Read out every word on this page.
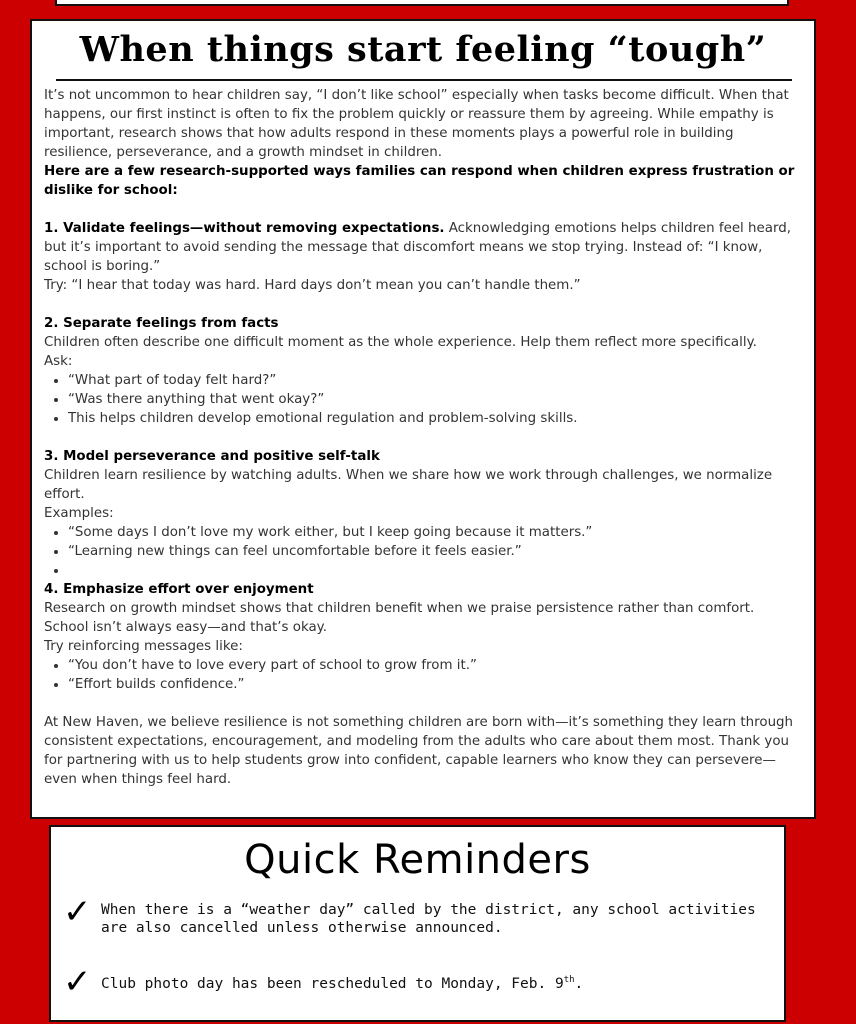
When things start feeling “tough”

It’s not uncommon to hear children say, “I don’t like school” especially when tasks become difficult. When that happens, our first instinct is often to fix the problem quickly or reassure them by agreeing. While empathy is important, research shows that how adults respond in these moments plays a powerful role in building resilience, perseverance, and a growth mindset in children.

Here are a few research-supported ways families can respond when children express frustration or dislike for school:

1. Validate feelings—without removing expectations. Acknowledging emotions helps children feel heard, but it’s important to avoid sending the message that discomfort means we stop trying. Instead of: “I know, school is boring.”

Try: “I hear that today was hard. Hard days don’t mean you can’t handle them.”

2. Separate feelings from facts

Children often describe one difficult moment as the whole experience. Help them reflect more specifically.

Ask:

• “What part of today felt hard?”
• “Was there anything that went okay?”
• This helps children develop emotional regulation and problem-solving skills.

3. Model perseverance and positive self-talk

Children learn resilience by watching adults. When we share how we work through challenges, we normalize effort.

Examples:

• “Some days I don’t love my work either, but I keep going because it matters.”
• “Learning new things can feel uncomfortable before it feels easier.”
•

4. Emphasize effort over enjoyment

Research on growth mindset shows that children benefit when we praise persistence rather than comfort. School isn’t always easy—and that’s okay.

Try reinforcing messages like:

• “You don’t have to love every part of school to grow from it.”
• “Effort builds confidence.”

At New Haven, we believe resilience is not something children are born with—it’s something they learn through consistent expectations, encouragement, and modeling from the adults who care about them most. Thank you for partnering with us to help students grow into confident, capable learners who know they can persevere—even when things feel hard.

Quick Reminders
✓ When there is a “weather day” called by the district, any school activities are also cancelled unless otherwise announced.
✓ Club photo day has been rescheduled to Monday, Feb. 9th.
